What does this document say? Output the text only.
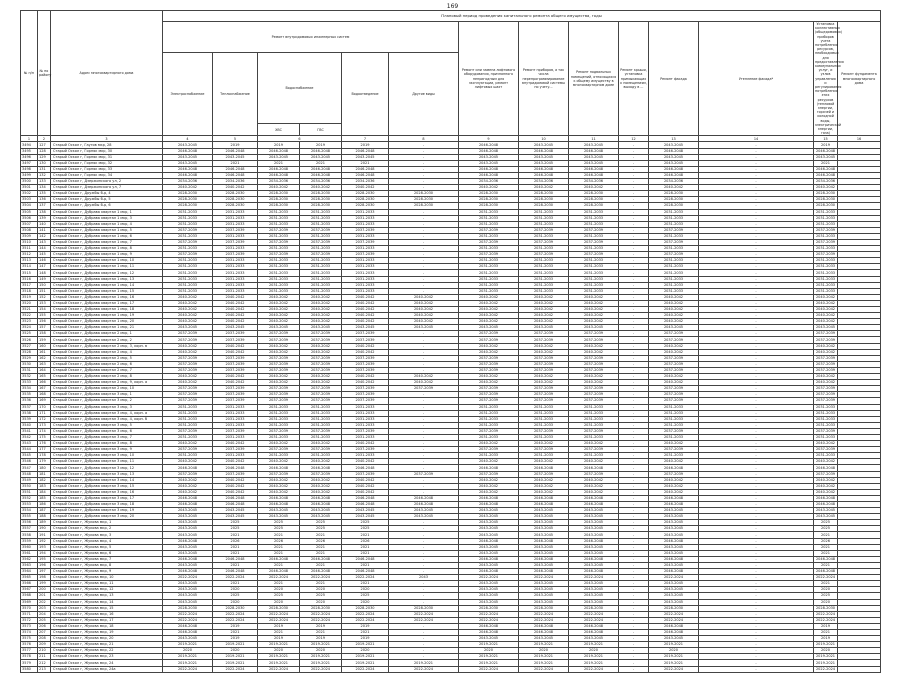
169
№ п/п	№ по району	Адрес многоквартирного дома	Плановый период проведения капитального ремонта общего имущества, годы													
			Ремонт внутридомовых инженерных систем						Ремонт или замена лифтового оборудования, признанного непригодным для эксплуатации, ремонт лифтовых шахт	Ремонт приборов, а так числа перепрограммирование внутридомовой системы по учету...	Ремонт подвальных помещений, относящихся к общему имуществу в многоквартирном доме	Ремонт крыши, установка примыкающих к помещениям, выходу в ...	Ремонт фасада	Утепление фасада*	Установка коллективных (общедомовых) приборов учета потребления ресурсов, необходимых для предоставления коммунальных услуг, и узлов управления и регулирования потребления этих ресурсов (тепловой энергии, горячей и холодной воды, электрической энергии, газа)	Ремонт фундамента многоквартирного дома
			Электроснабжение	Теплоснабжение	Водоснабжение		Водоотведение	Другие виды								
					ХВС	ГВС										
1	2	3	4	5	6		7	8	9	10	11	12	13	14	15	16
3494	127	Старый Оскол г, Гаугов мкр, 28	2043-2045	2019	2019	2019	2019	-	2046-2048	2043-2045	2043-2045	-	2043-2045	-	2019	
3495	128	Старый Оскол г, Горняк мкр, 30	2046-2048	2046-2048	2046-2048	2046-2048	2046-2048	-	2046-2048	2046-2048	2046-2048	-	2046-2048	-	2046-2048	
3496	129	Старый Оскол г, Горняк мкр, 31	2043-2045	2043-2045	2043-2045	2043-2045	2043-2045	-	2043-2045	2043-2045	2043-2045	-	2043-2045	-	2043-2045	
3497	130	Старый Оскол г, Горняк мкр, 32	2043-2045	2021	2021	2021	2021	-	2043-2045	2043-2045	2043-2045	-	2043-2045	-	2021	
3498	131	Старый Оскол г, Горняк мкр, 33	2046-2048	2046-2048	2046-2048	2046-2048	2046-2048	-	2046-2048	2046-2048	2046-2048	-	2046-2048	-	2046-2048	
3499	132	Старый Оскол г, Горняк мкр, 34	2046-2048	2046-2048	2046-2048	2046-2048	2046-2048	-	2046-2048	2046-2048	2046-2048	-	2046-2048	-	2046-2048	
3500	133	Старый Оскол г, Дзержинского ул, 2	2034-2036	2034-2036	2034-2036	2034-2036	2034-2036	-	2034-2036	2034-2036	2034-2036	-	2034-2036	-	2034-2036	
3501	134	Старый Оскол г, Дзержинского ул, 7	2040-2042	2040-2042	2040-2042	2040-2042	2040-2042	-	2040-2042	2040-2042	2040-2042	-	2040-2042	-	2040-2042	
3502	135	Старый Оскол г, Дружбы б-р, 4	2028-2030	2028-2030	2028-2030	2028-2030	2028-2030	2028-2030	2028-2030	2028-2030	2028-2030	-	2028-2030	-	2028-2030	
3503	136	Старый Оскол г, Дружбы б-р, 5	2028-2030	2028-2030	2028-2030	2028-2030	2028-2030	2028-2030	2028-2030	2028-2030	2028-2030	-	2028-2030	-	2028-2030	
3504	137	Старый Оскол г, Дружбы б-р, 6	2028-2030	2028-2030	2028-2030	2028-2030	2028-2030	2028-2030	2028-2030	2028-2030	2028-2030	-	2028-2030	-	2028-2030	
3505	138	Старый Оскол г, Дубрава квартал 1 мкр, 1	2031-2033	2031-2033	2031-2033	2031-2033	2031-2033	-	2031-2033	2031-2033	2031-2033	-	2031-2033	-	2031-2033	
3506	139	Старый Оскол г, Дубрава квартал 1 мкр, 3	2031-2033	2031-2033	2031-2033	2031-2033	2031-2033	-	2031-2033	2031-2033	2031-2033	-	2031-2033	-	2031-2033	
3507	140	Старый Оскол г, Дубрава квартал 1 мкр, 4	2031-2033	2031-2033	2031-2033	2031-2033	2031-2033	-	2031-2033	2031-2033	2031-2033	-	2031-2033	-	2031-2033	
3508	141	Старый Оскол г, Дубрава квартал 1 мкр, 5	2037-2039	2037-2039	2037-2039	2037-2039	2037-2039	-	2037-2039	2037-2039	2037-2039	-	2037-2039	-	2037-2039	
3509	142	Старый Оскол г, Дубрава квартал 1 мкр, 6	2031-2033	2031-2033	2031-2033	2031-2033	2031-2033	-	2031-2033	2031-2033	2031-2033	-	2031-2033	-	2031-2033	
3510	143	Старый Оскол г, Дубрава квартал 1 мкр, 7	2037-2039	2037-2039	2037-2039	2037-2039	2037-2039	-	2037-2039	2037-2039	2037-2039	-	2037-2039	-	2037-2039	
3511	144	Старый Оскол г, Дубрава квартал 1 мкр, 8	2031-2033	2031-2033	2031-2033	2031-2033	2031-2033	-	2031-2033	2031-2033	2031-2033	-	2031-2033	-	2031-2033	
3512	145	Старый Оскол г, Дубрава квартал 1 мкр, 9	2037-2039	2037-2039	2037-2039	2037-2039	2037-2039	-	2037-2039	2037-2039	2037-2039	-	2037-2039	-	2037-2039	
3513	146	Старый Оскол г, Дубрава квартал 1 мкр, 10	2031-2033	2031-2033	2031-2033	2031-2033	2031-2033	-	2031-2033	2031-2033	2031-2033	-	2031-2033	-	2031-2033	
3514	147	Старый Оскол г, Дубрава квартал 1 мкр, 11	2031-2033	2031-2033	2031-2033	2031-2033	2031-2033	-	2031-2033	2031-2033	2031-2033	-	2031-2033	-	2031-2033	
3515	148	Старый Оскол г, Дубрава квартал 1 мкр, 12	2031-2033	2031-2033	2031-2033	2031-2033	2031-2033	-	2031-2033	2031-2033	2031-2033	-	2031-2033	-	2031-2033	
3516	149	Старый Оскол г, Дубрава квартал 1 мкр, 13	2031-2033	2031-2033	2031-2033	2031-2033	2031-2033	-	2031-2033	2031-2033	2031-2033	-	2031-2033	-	2031-2033	
3517	150	Старый Оскол г, Дубрава квартал 1 мкр, 14	2031-2033	2031-2033	2031-2033	2031-2033	2031-2033	-	2031-2033	2031-2033	2031-2033	-	2031-2033	-	2031-2033	
3518	151	Старый Оскол г, Дубрава квартал 1 мкр, 15	2031-2033	2031-2033	2031-2033	2031-2033	2031-2033	-	2031-2033	2031-2033	2031-2033	-	2031-2033	-	2031-2033	
3519	152	Старый Оскол г, Дубрава квартал 1 мкр, 16	2040-2042	2040-2042	2040-2042	2040-2042	2040-2042	2040-2042	2040-2042	2040-2042	2040-2042	-	2040-2042	-	2040-2042	
3520	153	Старый Оскол г, Дубрава квартал 1 мкр, 17	2040-2042	2040-2042	2040-2042	2040-2042	2040-2042	2040-2042	2040-2042	2040-2042	2040-2042	-	2040-2042	-	2040-2042	
3521	154	Старый Оскол г, Дубрава квартал 1 мкр, 18	2040-2042	2040-2042	2040-2042	2040-2042	2040-2042	2040-2042	2040-2042	2040-2042	2040-2042	-	2040-2042	-	2040-2042	
3522	155	Старый Оскол г, Дубрава квартал 1 мкр, 19	2040-2042	2040-2042	2040-2042	2040-2042	2040-2042	2040-2042	2040-2042	2040-2042	2040-2042	-	2040-2042	-	2040-2042	
3523	156	Старый Оскол г, Дубрава квартал 1 мкр, 20	2040-2042	2040-2042	2040-2042	2040-2042	2040-2042	2040-2042	2040-2042	2040-2042	2040-2042	-	2040-2042	-	2040-2042	
3524	157	Старый Оскол г, Дубрава квартал 1 мкр, 21	2043-2045	2043-2045	2043-2045	2043-2045	2043-2045	2043-2045	2043-2045	2043-2045	2043-2045	-	2043-2045	-	2043-2045	
3525	158	Старый Оскол г, Дубрава квартал 2 мкр, 1	2037-2039	2037-2039	2037-2039	2037-2039	2037-2039	-	2037-2039	2037-2039	2037-2039	-	2037-2039	-	2037-2039	
3526	159	Старый Оскол г, Дубрава квартал 2 мкр, 2	2037-2039	2037-2039	2037-2039	2037-2039	2037-2039	-	2037-2039	2037-2039	2037-2039	-	2037-2039	-	2037-2039	
3527	160	Старый Оскол г, Дубрава квартал 2 мкр, 3, корп. в	2040-2042	2040-2042	2040-2042	2040-2042	2040-2042	-	2040-2042	2040-2042	2040-2042	-	2040-2042	-	2040-2042	
3528	161	Старый Оскол г, Дубрава квартал 2 мкр, 4	2040-2042	2040-2042	2040-2042	2040-2042	2040-2042	-	2040-2042	2040-2042	2040-2042	-	2040-2042	-	2040-2042	
3529	162	Старый Оскол г, Дубрава квартал 2 мкр, 5	2037-2039	2037-2039	2037-2039	2037-2039	2037-2039	-	2037-2039	2037-2039	2037-2039	-	2037-2039	-	2037-2039	
3530	163	Старый Оскол г, Дубрава квартал 2 мкр, 6	2037-2039	2037-2039	2037-2039	2037-2039	2037-2039	-	2037-2039	2037-2039	2037-2039	-	2037-2039	-	2037-2039	
3531	164	Старый Оскол г, Дубрава квартал 2 мкр, 7	2037-2039	2037-2039	2037-2039	2037-2039	2037-2039	-	2037-2039	2037-2039	2037-2039	-	2037-2039	-	2037-2039	
3532	165	Старый Оскол г, Дубрава квартал 2 мкр, 8	2040-2042	2040-2042	2040-2042	2040-2042	2040-2042	2040-2042	2040-2042	2040-2042	2040-2042	-	2040-2042	-	2040-2042	
3533	166	Старый Оскол г, Дубрава квартал 2 мкр, 9, корп. а	2040-2042	2040-2042	2040-2042	2040-2042	2040-2042	2040-2042	2040-2042	2040-2042	2040-2042	-	2040-2042	-	2040-2042	
3534	167	Старый Оскол г, Дубрава квартал 2 мкр, 10	2037-2039	2037-2039	2037-2039	2037-2039	2037-2039	2037-2039	2037-2039	2037-2039	2037-2039	-	2037-2039	-	2037-2039	
3535	168	Старый Оскол г, Дубрава квартал 3 мкр, 1	2037-2039	2037-2039	2037-2039	2037-2039	2037-2039	-	2037-2039	2037-2039	2037-2039	-	2037-2039	-	2037-2039	
3536	169	Старый Оскол г, Дубрава квартал 3 мкр, 2	2037-2039	2037-2039	2037-2039	2037-2039	2037-2039	-	2037-2039	2037-2039	2037-2039	-	2037-2039	-	2037-2039	
3537	170	Старый Оскол г, Дубрава квартал 3 мкр, 3	2031-2033	2031-2033	2031-2033	2031-2033	2031-2033	-	2031-2033	2031-2033	2031-2033	-	2031-2033	-	2031-2033	
3538	171	Старый Оскол г, Дубрава квартал 3 мкр, 4, корп. а	2031-2033	2031-2033	2031-2033	2031-2033	2031-2033	-	2031-2033	2031-2033	2031-2033	-	2031-2033	-	2031-2033	
3539	172	Старый Оскол г, Дубрава квартал 3 мкр, 4, корп. б	2031-2033	2031-2033	2031-2033	2031-2033	2031-2033	-	2031-2033	2031-2033	2031-2033	-	2031-2033	-	2031-2033	
3540	173	Старый Оскол г, Дубрава квартал 3 мкр, 5	2031-2033	2031-2033	2031-2033	2031-2033	2031-2033	-	2031-2033	2031-2033	2031-2033	-	2031-2033	-	2031-2033	
3541	174	Старый Оскол г, Дубрава квартал 3 мкр, 6	2037-2039	2037-2039	2037-2039	2037-2039	2037-2039	-	2037-2039	2037-2039	2037-2039	-	2037-2039	-	2037-2039	
3542	175	Старый Оскол г, Дубрава квартал 3 мкр, 7	2031-2033	2031-2033	2031-2033	2031-2033	2031-2033	-	2031-2033	2031-2033	2031-2033	-	2031-2033	-	2031-2033	
3543	176	Старый Оскол г, Дубрава квартал 3 мкр, 8	2040-2042	2040-2042	2040-2042	2040-2042	2040-2042	-	2040-2042	2040-2042	2040-2042	-	2040-2042	-	2040-2042	
3544	177	Старый Оскол г, Дубрава квартал 3 мкр, 9	2037-2039	2037-2039	2037-2039	2037-2039	2037-2039	-	2037-2039	2037-2039	2037-2039	-	2037-2039	-	2037-2039	
3545	178	Старый Оскол г, Дубрава квартал 3 мкр, 10	2031-2033	2031-2033	2031-2033	2031-2033	2031-2033	-	2031-2033	2031-2033	2031-2033	-	2031-2033	-	2031-2033	
3546	179	Старый Оскол г, Дубрава квартал 3 мкр, 11	2040-2042	2040-2042	2040-2042	2040-2042	2040-2042	-	2040-2042	2040-2042	2040-2042	-	2040-2042	-	2040-2042	
3547	180	Старый Оскол г, Дубрава квартал 3 мкр, 12	2046-2048	2046-2048	2046-2048	2046-2048	2046-2048	-	2046-2048	2046-2048	2046-2048	-	2046-2048	-	2046-2048	
3548	181	Старый Оскол г, Дубрава квартал 3 мкр, 13	2037-2039	2037-2039	2037-2039	2037-2039	2037-2039	2037-2039	2037-2039	2037-2039	2037-2039	-	2037-2039	-	2037-2039	
3549	182	Старый Оскол г, Дубрава квартал 3 мкр, 14	2040-2042	2040-2042	2040-2042	2040-2042	2040-2042	-	2040-2042	2040-2042	2040-2042	-	2040-2042	-	2040-2042	
3550	183	Старый Оскол г, Дубрава квартал 3 мкр, 15	2040-2042	2040-2042	2040-2042	2040-2042	2040-2042	-	2040-2042	2040-2042	2040-2042	-	2040-2042	-	2040-2042	
3551	184	Старый Оскол г, Дубрава квартал 3 мкр, 16	2040-2042	2040-2042	2040-2042	2040-2042	2040-2042	-	2040-2042	2040-2042	2040-2042	-	2040-2042	-	2040-2042	
3552	185	Старый Оскол г, Дубрава квартал 3 мкр, 17	2046-2048	2046-2048	2046-2048	2046-2048	2046-2048	2046-2048	2046-2048	2046-2048	2046-2048	-	2046-2048	-	2046-2048	
3553	186	Старый Оскол г, Дубрава квартал 3 мкр, 18	2046-2048	2046-2048	2046-2048	2046-2048	2046-2048	2046-2048	2046-2048	2046-2048	2046-2048	-	2046-2048	-	2046-2048	
3554	187	Старый Оскол г, Дубрава квартал 3 мкр, 19	2043-2045	2043-2045	2043-2045	2043-2045	2043-2045	2043-2045	2043-2045	2043-2045	2043-2045	-	2043-2045	-	2043-2045	
3555	188	Старый Оскол г, Дубрава квартал 3 мкр, 20	2043-2045	2043-2045	2043-2045	2043-2045	2043-2045	2043-2045	2043-2045	2043-2045	2043-2045	-	2043-2045	-	2043-2045	
3556	189	Старый Оскол г, Жукова мкр, 1	2043-2045	2025	2025	2025	2025	-	2043-2045	2043-2045	2043-2045	-	2043-2045	-	2025	
3557	190	Старый Оскол г, Жукова мкр, 2	2043-2045	2025	2025	2025	2025	-	2043-2045	2043-2045	2043-2045	-	2043-2045	-	2025	
3558	191	Старый Оскол г, Жукова мкр, 3	2043-2045	2021	2021	2021	2021	-	2043-2045	2043-2045	2043-2045	-	2043-2045	-	2021	
3559	192	Старый Оскол г, Жукова мкр, 4	2046-2048	2026	2026	2026	2026	-	2046-2048	2046-2048	2046-2048	-	2046-2048	-	2026	
3560	193	Старый Оскол г, Жукова мкр, 5	2043-2045	2021	2021	2021	2021	-	2043-2045	2043-2045	2043-2045	-	2043-2045	-	2021	
3561	194	Старый Оскол г, Жукова мкр, 6	2043-2045	2021	2021	2021	2021	-	2043-2045	2043-2045	2043-2045	-	2043-2045	-	2021	
3562	195	Старый Оскол г, Жукова мкр, 7	2046-2048	2046-2048	2046-2048	2046-2048	2046-2048	-	2046-2048	2046-2048	2046-2048	-	2046-2048	-	2046-2048	
3563	196	Старый Оскол г, Жукова мкр, 8	2043-2045	2021	2021	2021	2021	-	2043-2045	2043-2045	2043-2045	-	2043-2045	-	2021	
3564	197	Старый Оскол г, Жукова мкр, 9	2046-2048	2046-2048	2046-2048	2046-2048	2046-2048	-	2046-2048	2046-2048	2046-2048	-	2046-2048	-	2046-2048	
3565	198	Старый Оскол г, Жукова мкр, 10	2022-2024	2022-2024	2022-2024	2022-2024	2022-2024	2043	2022-2024	2022-2024	2022-2024	-	2022-2024	-	2022-2024	
3566	199	Старый Оскол г, Жукова мкр, 11	2043-2045	2021	2021	2021	2021	-	2043-2045	2043-2045	2043-2045	-	2043-2045	-	2021	
3567	200	Старый Оскол г, Жукова мкр, 12	2043-2045	2020	2020	2020	2020	-	2043-2045	2043-2045	2043-2045	-	2043-2045	-	2020	
3568	201	Старый Оскол г, Жукова мкр, 13	2043-2045	2025	2025	2025	2025	-	2043-2045	2043-2045	2043-2045	-	2043-2045	-	2025	
3569	202	Старый Оскол г, Жукова мкр, 14	2043-2045	2020	2020	2020	2020	-	2043-2045	2043-2045	2043-2045	-	2043-2045	-	2020	
3570	203	Старый Оскол г, Жукова мкр, 15	2028-2030	2028-2030	2028-2030	2028-2030	2028-2030	2028-2030	2028-2030	2028-2030	2028-2030	-	2028-2030	-	2028-2030	
3571	204	Старый Оскол г, Жукова мкр, 16	2022-2024	2022-2024	2022-2024	2022-2024	2022-2024	2022-2024	2022-2024	2022-2024	2022-2024	-	2022-2024	-	2022-2024	
3572	205	Старый Оскол г, Жукова мкр, 17	2022-2024	2022-2024	2022-2024	2022-2024	2022-2024	2022-2024	2022-2024	2022-2024	2022-2024	-	2022-2024	-	2022-2024	
3573	206	Старый Оскол г, Жукова мкр, 18	2046-2048	2019	2019	2019	2019	-	2046-2048	2046-2048	2046-2048	-	2046-2048	-	2019	
3574	207	Старый Оскол г, Жукова мкр, 19	2046-2048	2021	2021	2021	2021	-	2046-2048	2046-2048	2046-2048	-	2046-2048	-	2021	
3575	208	Старый Оскол г, Жукова мкр, 20	2043-2045	2019	2019	2019	2019	-	2043-2045	2043-2045	2043-2045	-	2043-2045	-	2019	
3576	209	Старый Оскол г, Жукова мкр, 21	2019-2021	2019-2021	2019-2021	2019-2021	2019-2021	-	2019-2021	2019-2021	2019-2021	-	2019-2021	-	2019-2021	
3577	210	Старый Оскол г, Жукова мкр, 22	2020	2020	2020	2020	2020	-	2020	2020	2020	-	2020	-	2020	
3578	211	Старый Оскол г, Жукова мкр, 23	2019-2021	2019-2021	2019-2021	2019-2021	2019-2021	-	2019-2021	2019-2021	2019-2021	-	2019-2021	-	2019-2021	
3579	212	Старый Оскол г, Жукова мкр, 24	2019-2021	2019-2021	2019-2021	2019-2021	2019-2021	2019-2021	2019-2021	2019-2021	2019-2021	-	2019-2021	-	2019-2021	
3580	213	Старый Оскол г, Жукова мкр, 24а	2022-2024	2022-2024	2022-2024	2022-2024	2022-2024	2022-2024	2022-2024	2022-2024	2022-2024	-	2022-2024	-	2022-2024	
